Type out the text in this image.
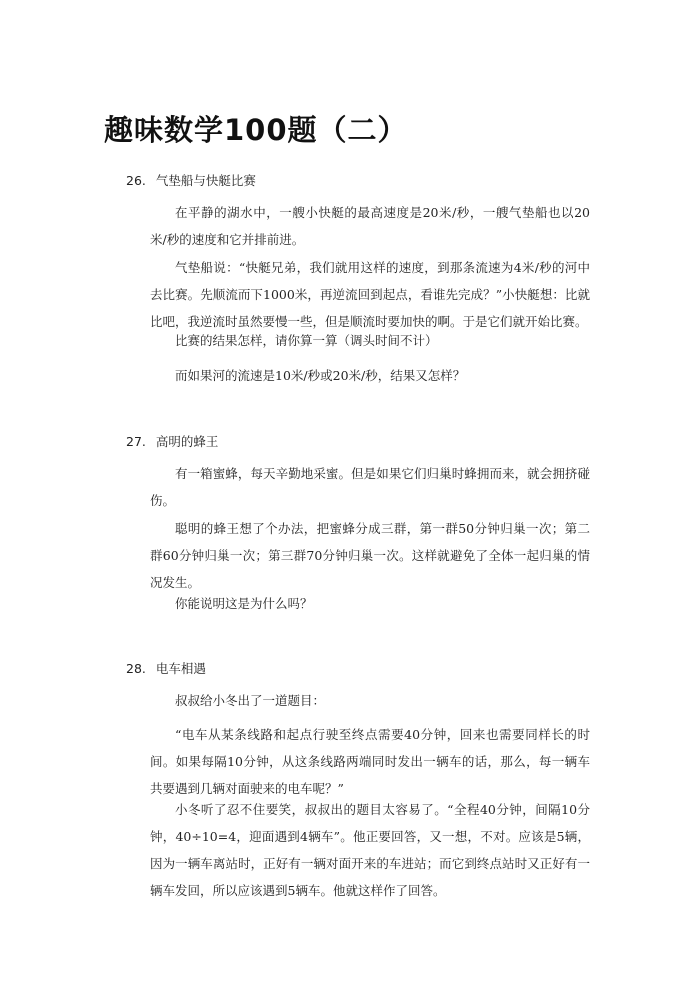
趣味数学100题（二）
26. 气垫船与快艇比赛

在平静的湖水中，一艘小快艇的最高速度是20米/秒，一艘气垫船也以20米/秒的速度和它并排前进。

气垫船说：“快艇兄弟，我们就用这样的速度，到那条流速为4米/秒的河中去比赛。先顺流而下1000米，再逆流回到起点，看谁先完成？”小快艇想：比就比吧，我逆流时虽然要慢一些，但是顺流时要加快的啊。于是它们就开始比赛。

比赛的结果怎样，请你算一算（调头时间不计）

而如果河的流速是10米/秒或20米/秒，结果又怎样？

27. 高明的蜂王

有一箱蜜蜂，每天辛勤地采蜜。但是如果它们归巢时蜂拥而来，就会拥挤碰伤。

聪明的蜂王想了个办法，把蜜蜂分成三群，第一群50分钟归巢一次；第二群60分钟归巢一次；第三群70分钟归巢一次。这样就避免了全体一起归巢的情况发生。

你能说明这是为什么吗？

28. 电车相遇

叔叔给小冬出了一道题目：

“电车从某条线路和起点行驶至终点需要40分钟，回来也需要同样长的时间。如果每隔10分钟，从这条线路两端同时发出一辆车的话，那么，每一辆车共要遇到几辆对面驶来的电车呢？”

小冬听了忍不住要笑，叔叔出的题目太容易了。“全程40分钟，间隔10分钟，40÷10=4，迎面遇到4辆车”。他正要回答，又一想，不对。应该是5辆，因为一辆车离站时，正好有一辆对面开来的车进站；而它到终点站时又正好有一辆车发回，所以应该遇到5辆车。他就这样作了回答。
